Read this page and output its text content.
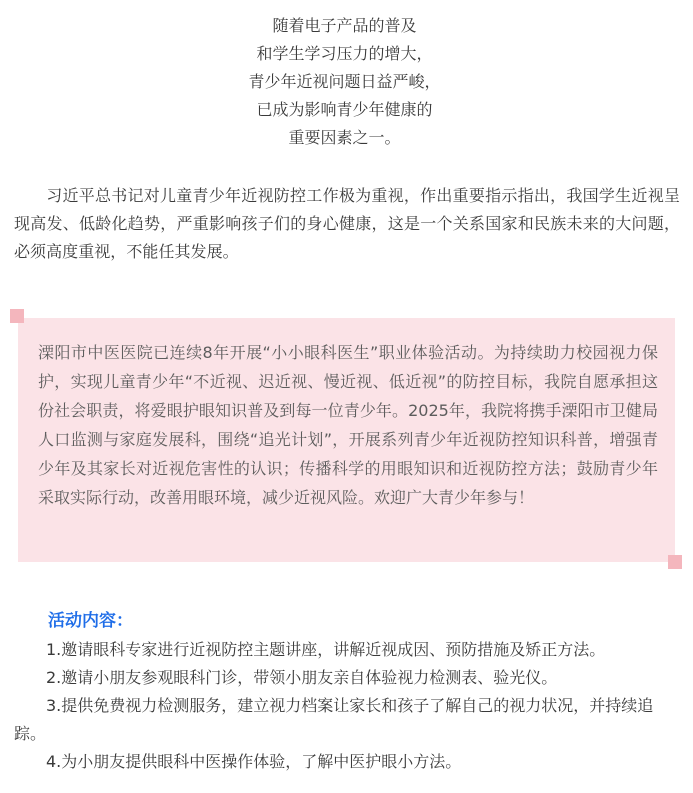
随着电子产品的普及
和学生学习压力的增大，
青少年近视问题日益严峻，
已成为影响青少年健康的
重要因素之一。
习近平总书记对儿童青少年近视防控工作极为重视，作出重要指示指出，我国学生近视呈现高发、低龄化趋势，严重影响孩子们的身心健康，这是一个关系国家和民族未来的大问题，必须高度重视，不能任其发展。
溧阳市中医医院已连续8年开展“小小眼科医生”职业体验活动。为持续助力校园视力保护，实现儿童青少年“不近视、迟近视、慢近视、低近视”的防控目标，我院自愿承担这份社会职责，将爱眼护眼知识普及到每一位青少年。2025年，我院将携手溧阳市卫健局人口监测与家庭发展科，围绕“追光计划”，开展系列青少年近视防控知识科普，增强青少年及其家长对近视危害性的认识；传播科学的用眼知识和近视防控方法；鼓励青少年采取实际行动，改善用眼环境，减少近视风险。欢迎广大青少年参与！
活动内容：
1.邀请眼科专家进行近视防控主题讲座，讲解近视成因、预防措施及矫正方法。
2.邀请小朋友参观眼科门诊，带领小朋友亲自体验视力检测表、验光仪。
3.提供免费视力检测服务，建立视力档案让家长和孩子了解自己的视力状况，并持续追踪。
4.为小朋友提供眼科中医操作体验，了解中医护眼小方法。
